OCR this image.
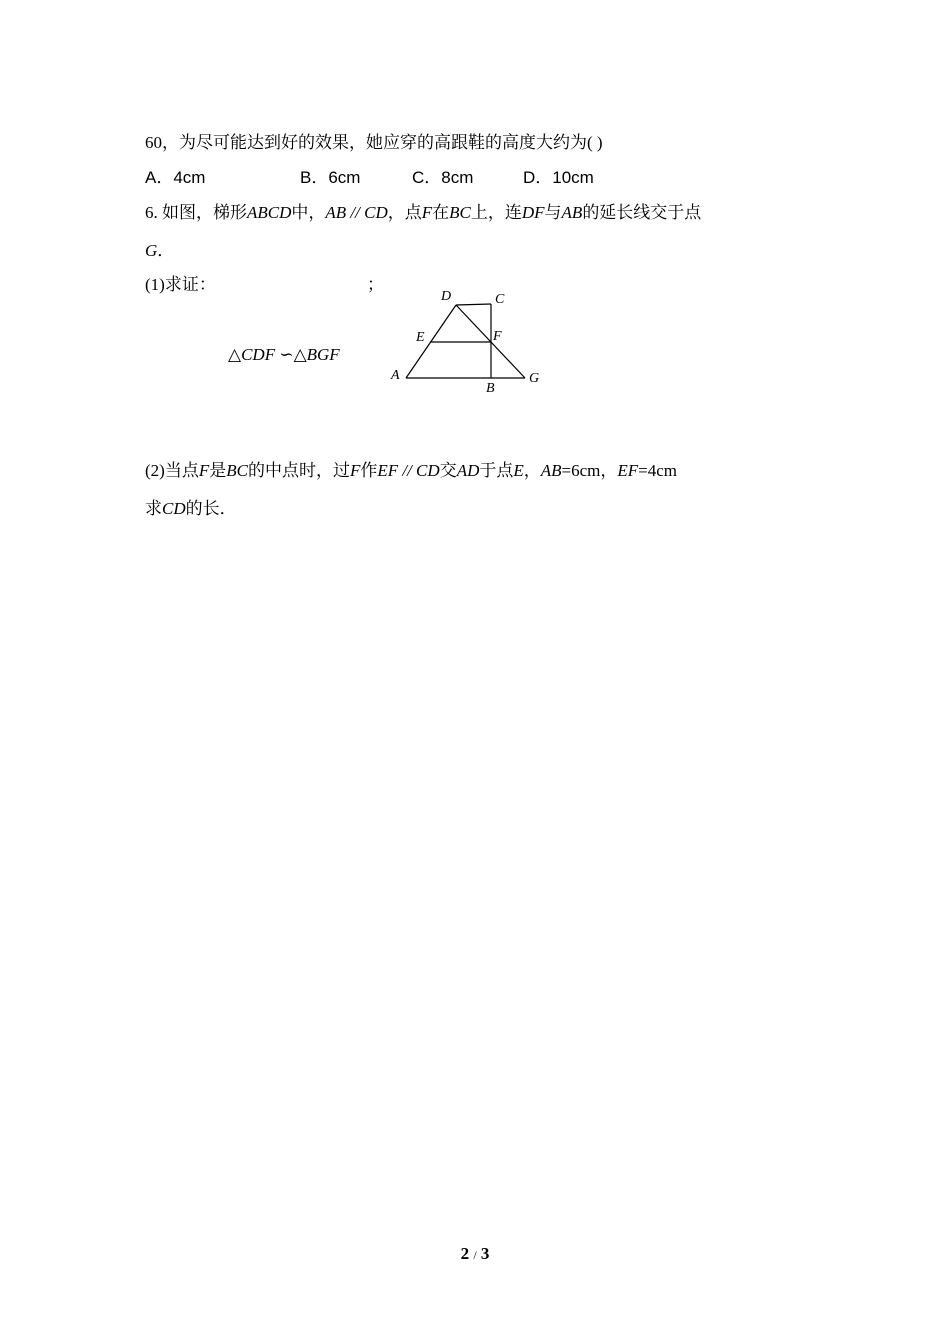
60，为尽可能达到好的效果，她应穿的高跟鞋的高度大约为( )
A．4cm	B．6cm	C．8cm	D．10cm
6. 如图，梯形ABCD中，AB // CD，点F在BC上，连DF与AB的延长线交于点
G．
(1)求证：	；
△CDF ∽△BGF
D	C
E	F
A
B
G
(2)当点F是BC的中点时，过F作EF // CD交AD于点E，AB=6cm，EF=4cm
求CD的长．
2 / 3
